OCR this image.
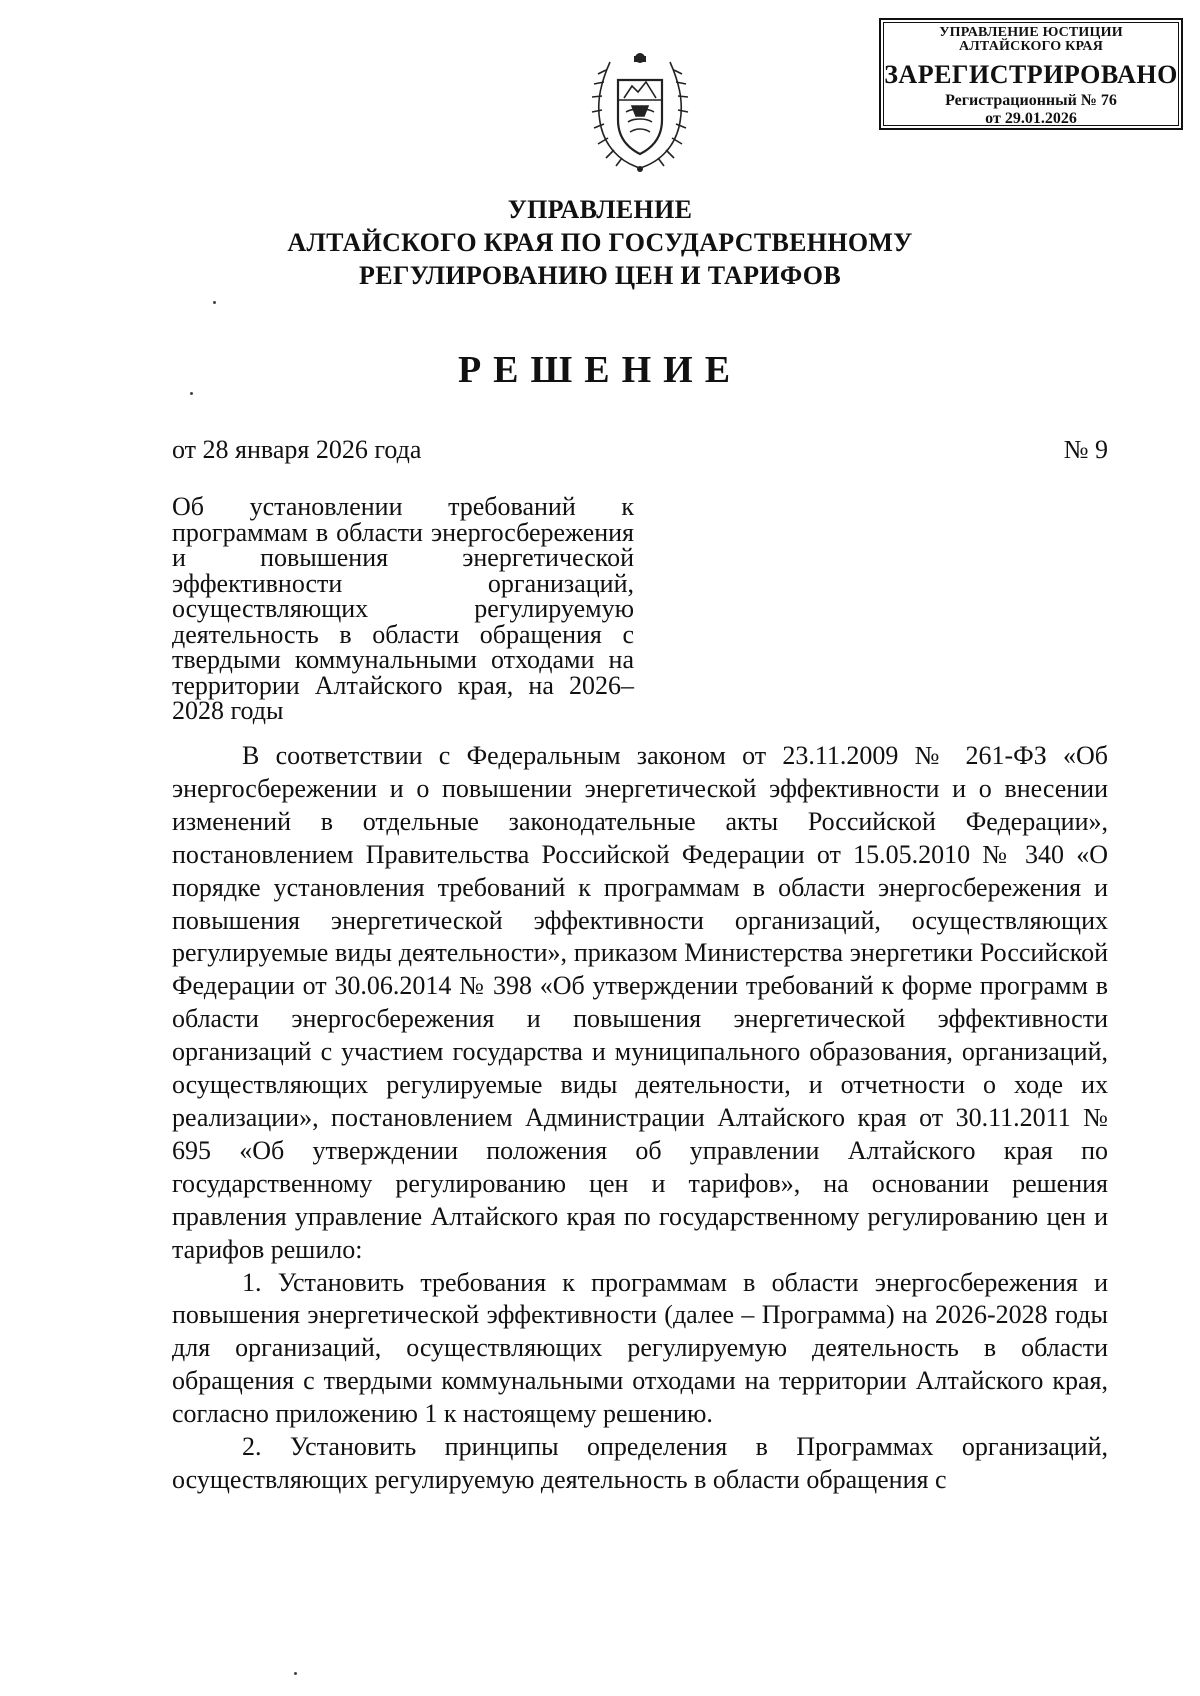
УПРАВЛЕНИЕ ЮСТИЦИИ
АЛТАЙСКОГО КРАЯ
ЗАРЕГИСТРИРОВАНО
Регистрационный № 76
от 29.01.2026
УПРАВЛЕНИЕ
АЛТАЙСКОГО КРАЯ ПО ГОСУДАРСТВЕННОМУ
РЕГУЛИРОВАНИЮ ЦЕН И ТАРИФОВ
РЕШЕНИЕ
от 28 января 2026 года	№ 9
Об установлении требований к программам в области энергосбережения и повышения энергетической эффективности организаций, осуществляющих регулируемую деятельность в области обращения с твердыми коммунальными отходами на территории Алтайского края, на 2026–2028 годы

В соответствии с Федеральным законом от 23.11.2009 № 261-ФЗ «Об энергосбережении и о повышении энергетической эффективности и о внесении изменений в отдельные законодательные акты Российской Федерации», постановлением Правительства Российской Федерации от 15.05.2010 № 340 «О порядке установления требований к программам в области энергосбережения и повышения энергетической эффективности организаций, осуществляющих регулируемые виды деятельности», приказом Министерства энергетики Российской Федерации от 30.06.2014 № 398 «Об утверждении требований к форме программ в области энергосбережения и повышения энергетической эффективности организаций с участием государства и муниципального образования, организаций, осуществляющих регулируемые виды деятельности, и отчетности о ходе их реализации», постановлением Администрации Алтайского края от 30.11.2011 № 695 «Об утверждении положения об управлении Алтайского края по государственному регулированию цен и тарифов», на основании решения правления управление Алтайского края по государственному регулированию цен и тарифов решило:

1. Установить требования к программам в области энергосбережения и повышения энергетической эффективности (далее – Программа) на 2026-2028 годы для организаций, осуществляющих регулируемую деятельность в области обращения с твердыми коммунальными отходами на территории Алтайского края, согласно приложению 1 к настоящему решению.

2. Установить принципы определения в Программах организаций, осуществляющих регулируемую деятельность в области обращения с
